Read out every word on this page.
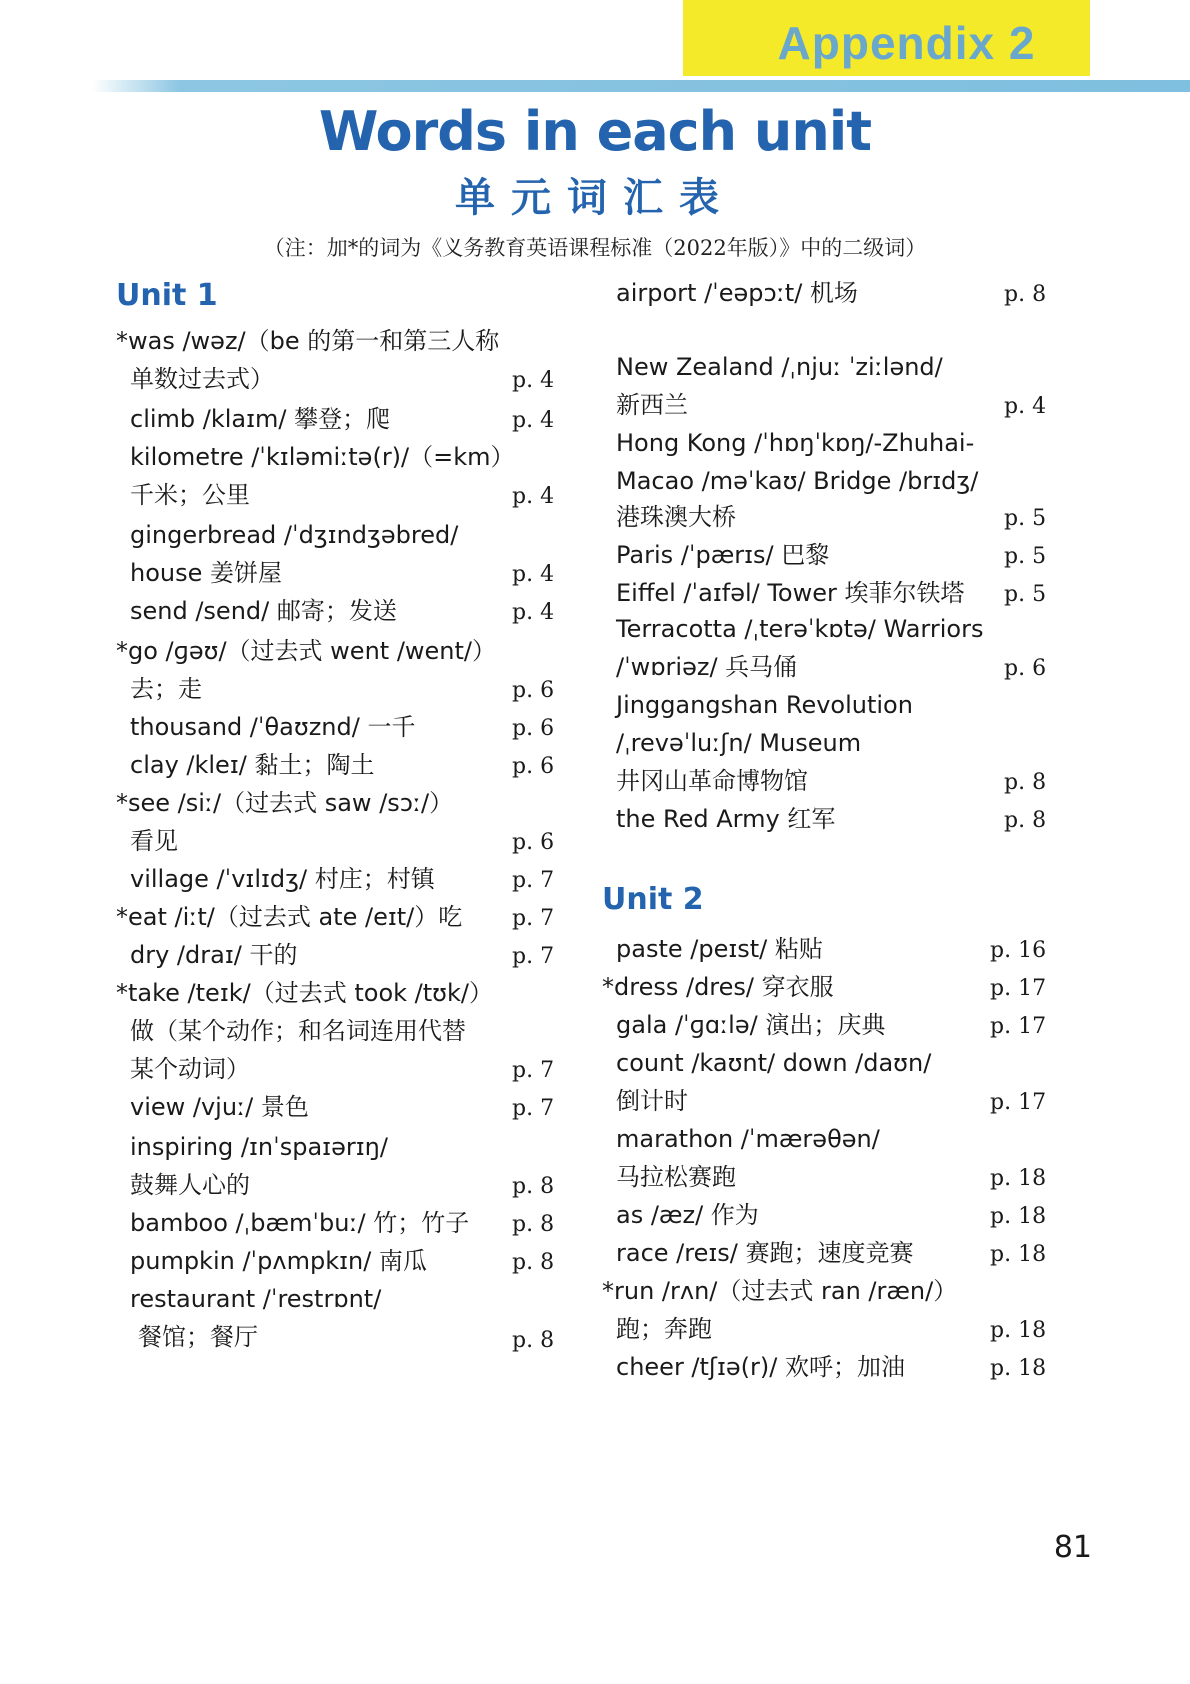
Appendix 2
Words in each unit
单元词汇表
（注：加*的词为《义务教育英语课程标准（2022年版）》中的二级词）
Unit 1
*was /wəz/（be 的第一和第三人称
单数过去式）	p. 4
climb /klaɪm/ 攀登；爬	p. 4
kilometre /ˈkɪləmiːtə(r)/（=km）
千米；公里	p. 4
gingerbread /ˈdʒɪndʒəbred/
house 姜饼屋	p. 4
send /send/ 邮寄；发送	p. 4
*go /ɡəʊ/（过去式 went /went/）
去；走	p. 6
thousand /ˈθaʊznd/ 一千	p. 6
clay /kleɪ/ 黏土；陶土	p. 6
*see /siː/（过去式 saw /sɔː/）
看见	p. 6
village /ˈvɪlɪdʒ/ 村庄；村镇	p. 7
*eat /iːt/（过去式 ate /eɪt/）吃 p. 7
dry /draɪ/ 干的	p. 7
*take /teɪk/（过去式 took /tʊk/）
做（某个动作；和名词连用代替
某个动词）	p. 7
view /vjuː/ 景色	p. 7
inspiring /ɪnˈspaɪərɪŋ/
鼓舞人心的	p. 8
bamboo /ˌbæmˈbuː/ 竹；竹子 p. 8
pumpkin /ˈpʌmpkɪn/ 南瓜	p. 8
restaurant /ˈrestrɒnt/
餐馆；餐厅	p. 8
airport /ˈeəpɔːt/ 机场	p. 8
New Zealand /ˌnjuː ˈziːlənd/
新西兰	p. 4
Hong Kong /ˈhɒŋˈkɒŋ/-Zhuhai-
Macao /məˈkaʊ/ Bridge /brɪdʒ/
港珠澳大桥	p. 5
Paris /ˈpærɪs/ 巴黎	p. 5
Eiffel /ˈaɪfəl/ Tower 埃菲尔铁塔 p. 5
Terracotta /ˌterəˈkɒtə/ Warriors
/ˈwɒriəz/ 兵马俑	p. 6
Jinggangshan Revolution
/ˌrevəˈluːʃn/ Museum
井冈山革命博物馆	p. 8
the Red Army 红军	p. 8
Unit 2
paste /peɪst/ 粘贴	p. 16
*dress /dres/ 穿衣服	p. 17
gala /ˈɡɑːlə/ 演出；庆典	p. 17
count /kaʊnt/ down /daʊn/
倒计时	p. 17
marathon /ˈmærəθən/
马拉松赛跑	p. 18
as /æz/ 作为	p. 18
race /reɪs/ 赛跑；速度竞赛	p. 18
*run /rʌn/（过去式 ran /ræn/）
跑；奔跑	p. 18
cheer /tʃɪə(r)/ 欢呼；加油	p. 18
81
